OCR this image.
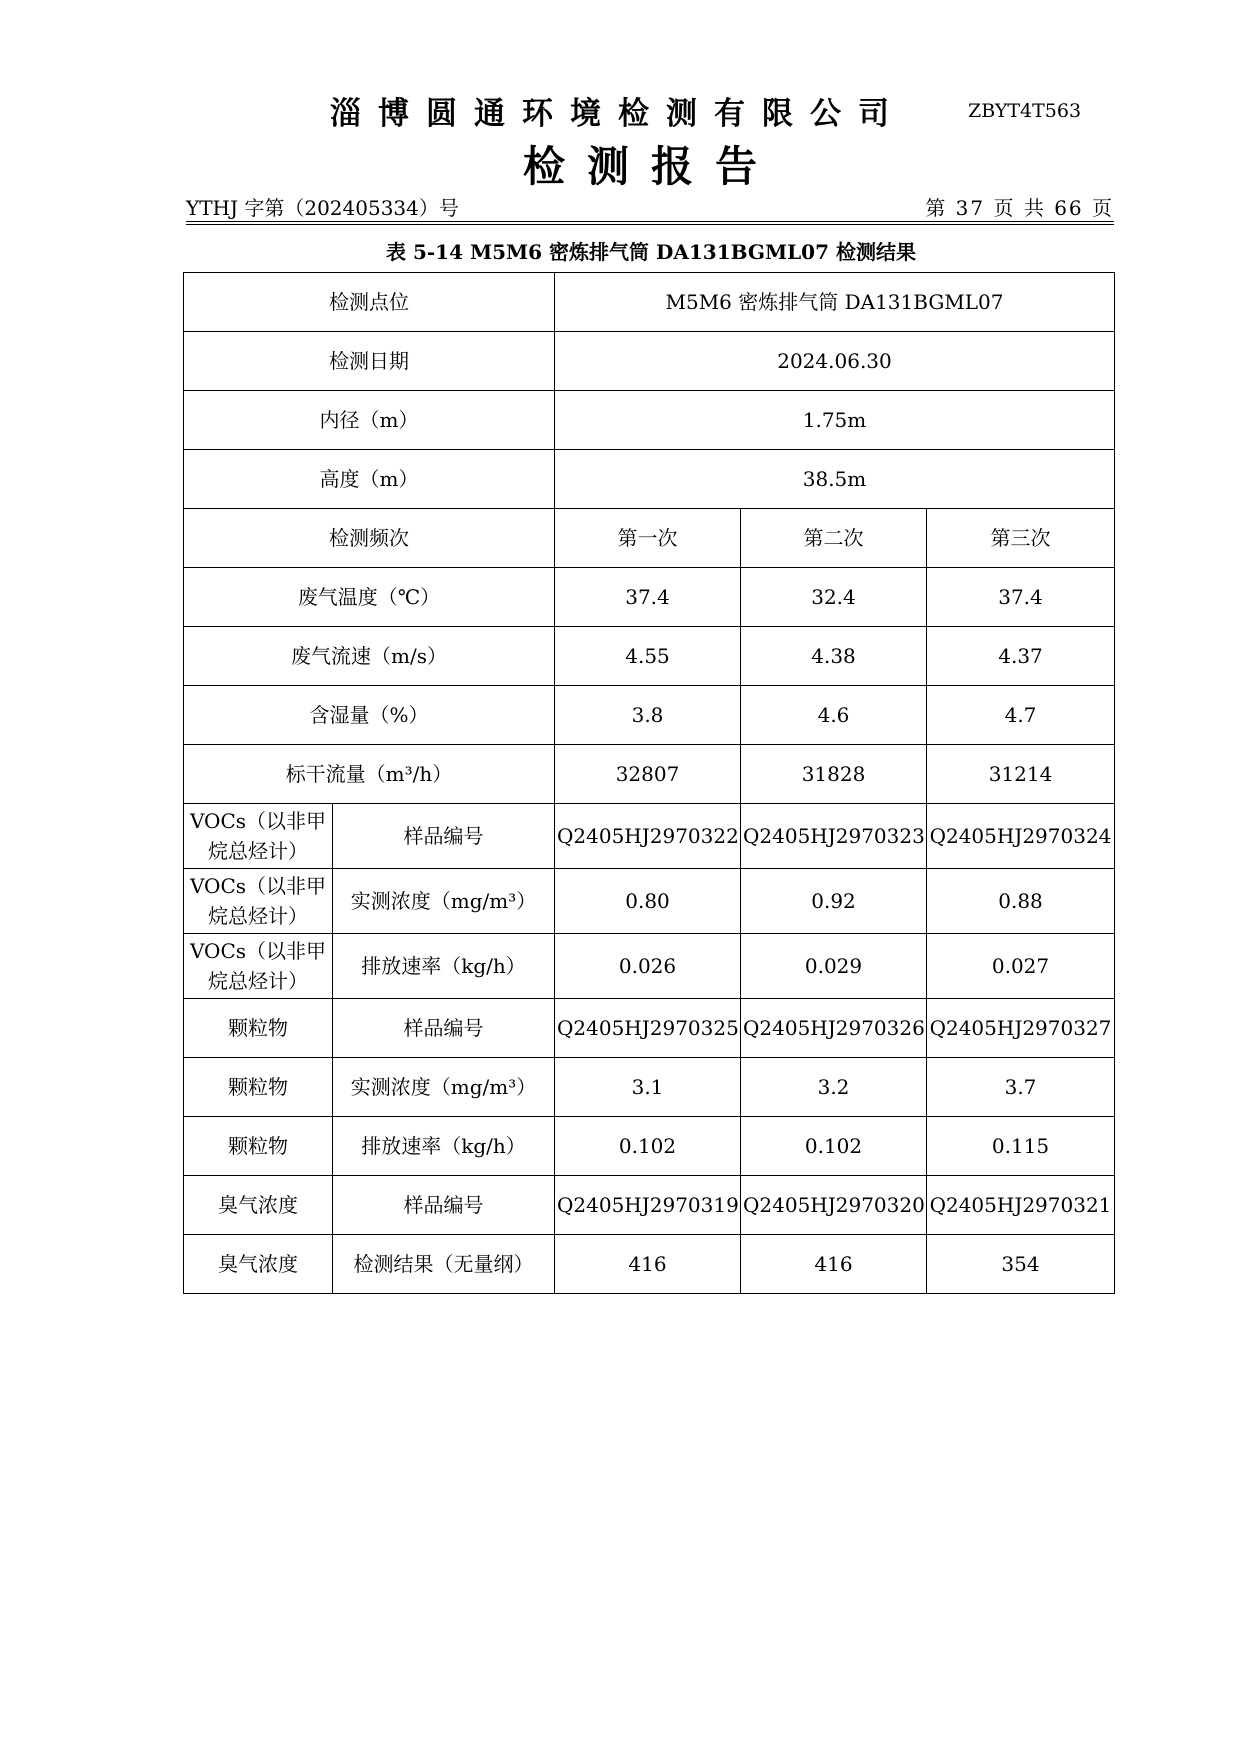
淄博圆通环境检测有限公司	ZBYT4T563
检测报告
YTHJ 字第（202405334）号	第 37 页 共 66 页
表 5-14 M5M6 密炼排气筒 DA131BGML07 检测结果
检测点位		M5M6 密炼排气筒 DA131BGML07		
检测日期		2024.06.30		
内径（m）		1.75m		
高度（m）		38.5m		
检测频次		第一次	第二次	第三次
废气温度（℃）		37.4	32.4	37.4
废气流速（m/s）		4.55	4.38	4.37
含湿量（%）		3.8	4.6	4.7
标干流量（m³/h）		32807	31828	31214
VOCs（以非甲烷总烃计）	样品编号	Q2405HJ2970322	Q2405HJ2970323	Q2405HJ2970324
VOCs（以非甲烷总烃计）	实测浓度（mg/m³）	0.80	0.92	0.88
VOCs（以非甲烷总烃计）	排放速率（kg/h）	0.026	0.029	0.027
颗粒物	样品编号	Q2405HJ2970325	Q2405HJ2970326	Q2405HJ2970327
颗粒物	实测浓度（mg/m³）	3.1	3.2	3.7
颗粒物	排放速率（kg/h）	0.102	0.102	0.115
臭气浓度	样品编号	Q2405HJ2970319	Q2405HJ2970320	Q2405HJ2970321
臭气浓度	检测结果（无量纲）	416	416	354
